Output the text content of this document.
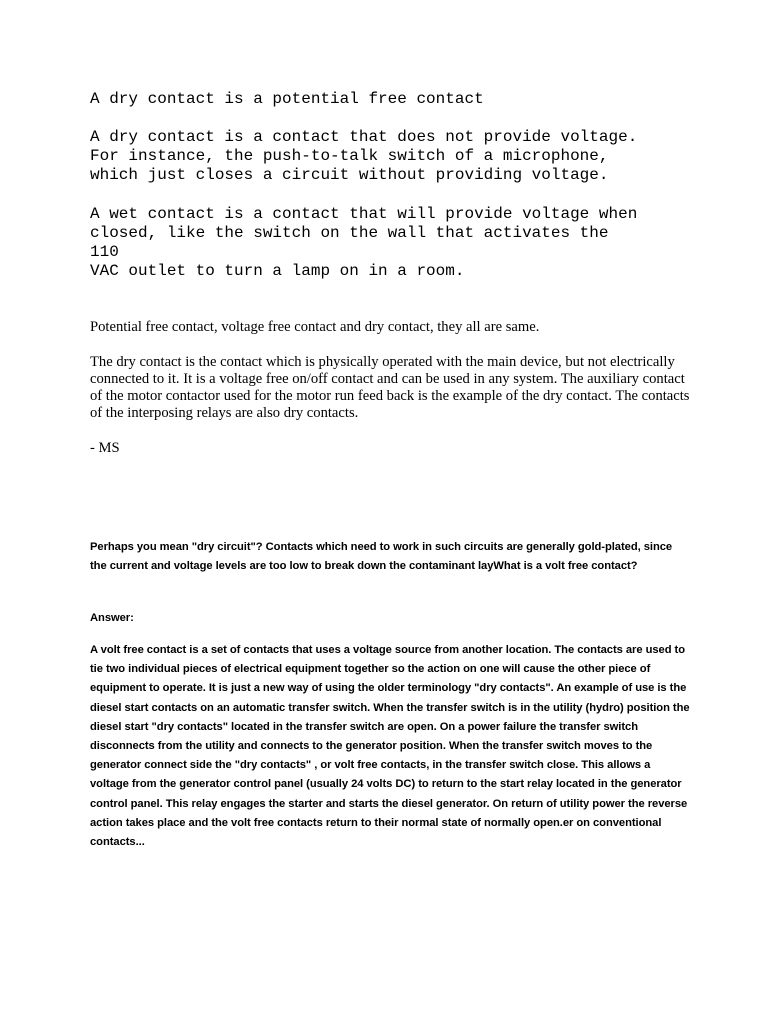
A dry contact is a potential free contact

A dry contact is a contact that does not provide voltage.
For instance, the push-to-talk switch of a microphone,
which just closes a circuit without providing voltage.

A wet contact is a contact that will provide voltage when
closed, like the switch on the wall that activates the
110
VAC outlet to turn a lamp on in a room.

Potential free contact, voltage free contact and dry contact, they all are same.

The dry contact is the contact which is physically operated with the main device, but not electrically connected to it. It is a voltage free on/off contact and can be used in any system. The auxiliary contact of the motor contactor used for the motor run feed back is the example of the dry contact. The contacts of the interposing relays are also dry contacts.

- MS

Perhaps you mean "dry circuit"? Contacts which need to work in such circuits are generally gold-plated, since the current and voltage levels are too low to break down the contaminant layWhat is a volt free contact?

Answer:

A volt free contact is a set of contacts that uses a voltage source from another location. The contacts are used to tie two individual pieces of electrical equipment together so the action on one will cause the other piece of equipment to operate. It is just a new way of using the older terminology "dry contacts". An example of use is the diesel start contacts on an automatic transfer switch. When the transfer switch is in the utility (hydro) position the diesel start "dry contacts" located in the transfer switch are open. On a power failure the transfer switch disconnects from the utility and connects to the generator position. When the transfer switch moves to the generator connect side the "dry contacts" , or volt free contacts, in the transfer switch close. This allows a voltage from the generator control panel (usually 24 volts DC) to return to the start relay located in the generator control panel. This relay engages the starter and starts the diesel generator. On return of utility power the reverse action takes place and the volt free contacts return to their normal state of normally open.er on conventional contacts...
